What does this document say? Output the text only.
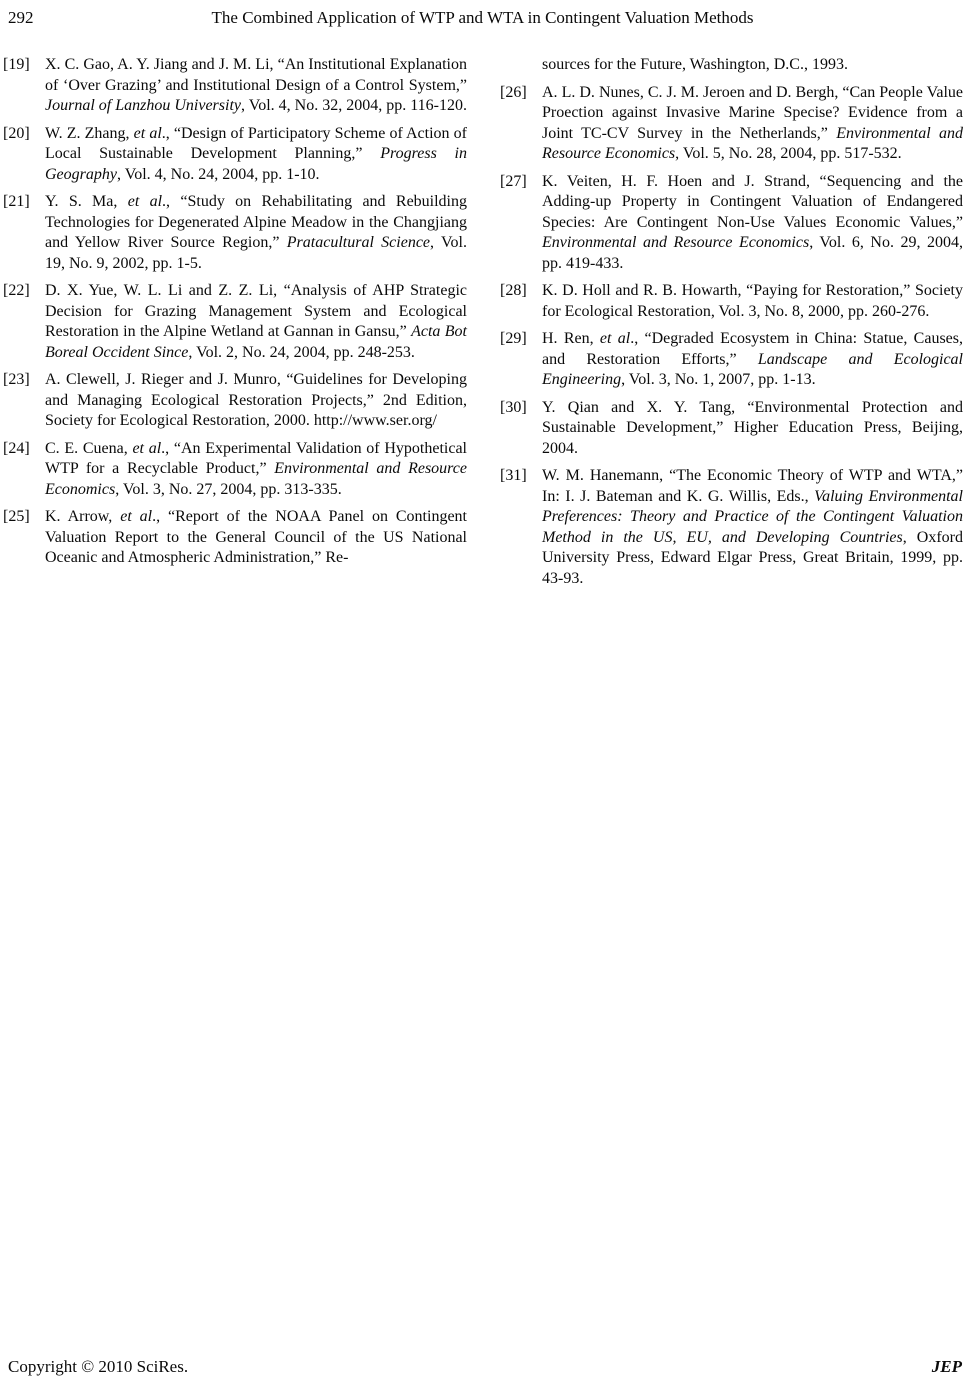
292	The Combined Application of WTP and WTA in Contingent Valuation Methods
[19] X. C. Gao, A. Y. Jiang and J. M. Li, “An Institutional Explanation of ‘Over Grazing’ and Institutional Design of a Control System,” Journal of Lanzhou University, Vol. 4, No. 32, 2004, pp. 116-120.
[20] W. Z. Zhang, et al., “Design of Participatory Scheme of Action of Local Sustainable Development Planning,” Progress in Geography, Vol. 4, No. 24, 2004, pp. 1-10.
[21] Y. S. Ma, et al., “Study on Rehabilitating and Rebuilding Technologies for Degenerated Alpine Meadow in the Changjiang and Yellow River Source Region,” Pratacultural Science, Vol. 19, No. 9, 2002, pp. 1-5.
[22] D. X. Yue, W. L. Li and Z. Z. Li, “Analysis of AHP Strategic Decision for Grazing Management System and Ecological Restoration in the Alpine Wetland at Gannan in Gansu,” Acta Bot Boreal Occident Since, Vol. 2, No. 24, 2004, pp. 248-253.
[23] A. Clewell, J. Rieger and J. Munro, “Guidelines for Developing and Managing Ecological Restoration Projects,” 2nd Edition, Society for Ecological Restoration, 2000. http://www.ser.org/
[24] C. E. Cuena, et al., “An Experimental Validation of Hypothetical WTP for a Recyclable Product,” Environmental and Resource Economics, Vol. 3, No. 27, 2004, pp. 313-335.
[25] K. Arrow, et al., “Report of the NOAA Panel on Contingent Valuation Report to the General Council of the US National Oceanic and Atmospheric Administration,” Re-
sources for the Future, Washington, D.C., 1993.
[26] A. L. D. Nunes, C. J. M. Jeroen and D. Bergh, “Can People Value Proection against Invasive Marine Specise? Evidence from a Joint TC-CV Survey in the Netherlands,” Environmental and Resource Economics, Vol. 5, No. 28, 2004, pp. 517-532.
[27] K. Veiten, H. F. Hoen and J. Strand, “Sequencing and the Adding-up Property in Contingent Valuation of Endangered Species: Are Contingent Non-Use Values Economic Values,” Environmental and Resource Economics, Vol. 6, No. 29, 2004, pp. 419-433.
[28] K. D. Holl and R. B. Howarth, “Paying for Restoration,” Society for Ecological Restoration, Vol. 3, No. 8, 2000, pp. 260-276.
[29] H. Ren, et al., “Degraded Ecosystem in China: Statue, Causes, and Restoration Efforts,” Landscape and Ecological Engineering, Vol. 3, No. 1, 2007, pp. 1-13.
[30] Y. Qian and X. Y. Tang, “Environmental Protection and Sustainable Development,” Higher Education Press, Beijing, 2004.
[31] W. M. Hanemann, “The Economic Theory of WTP and WTA,” In: I. J. Bateman and K. G. Willis, Eds., Valuing Environmental Preferences: Theory and Practice of the Contingent Valuation Method in the US, EU, and Developing Countries, Oxford University Press, Edward Elgar Press, Great Britain, 1999, pp. 43-93.
Copyright © 2010 SciRes.	JEP
